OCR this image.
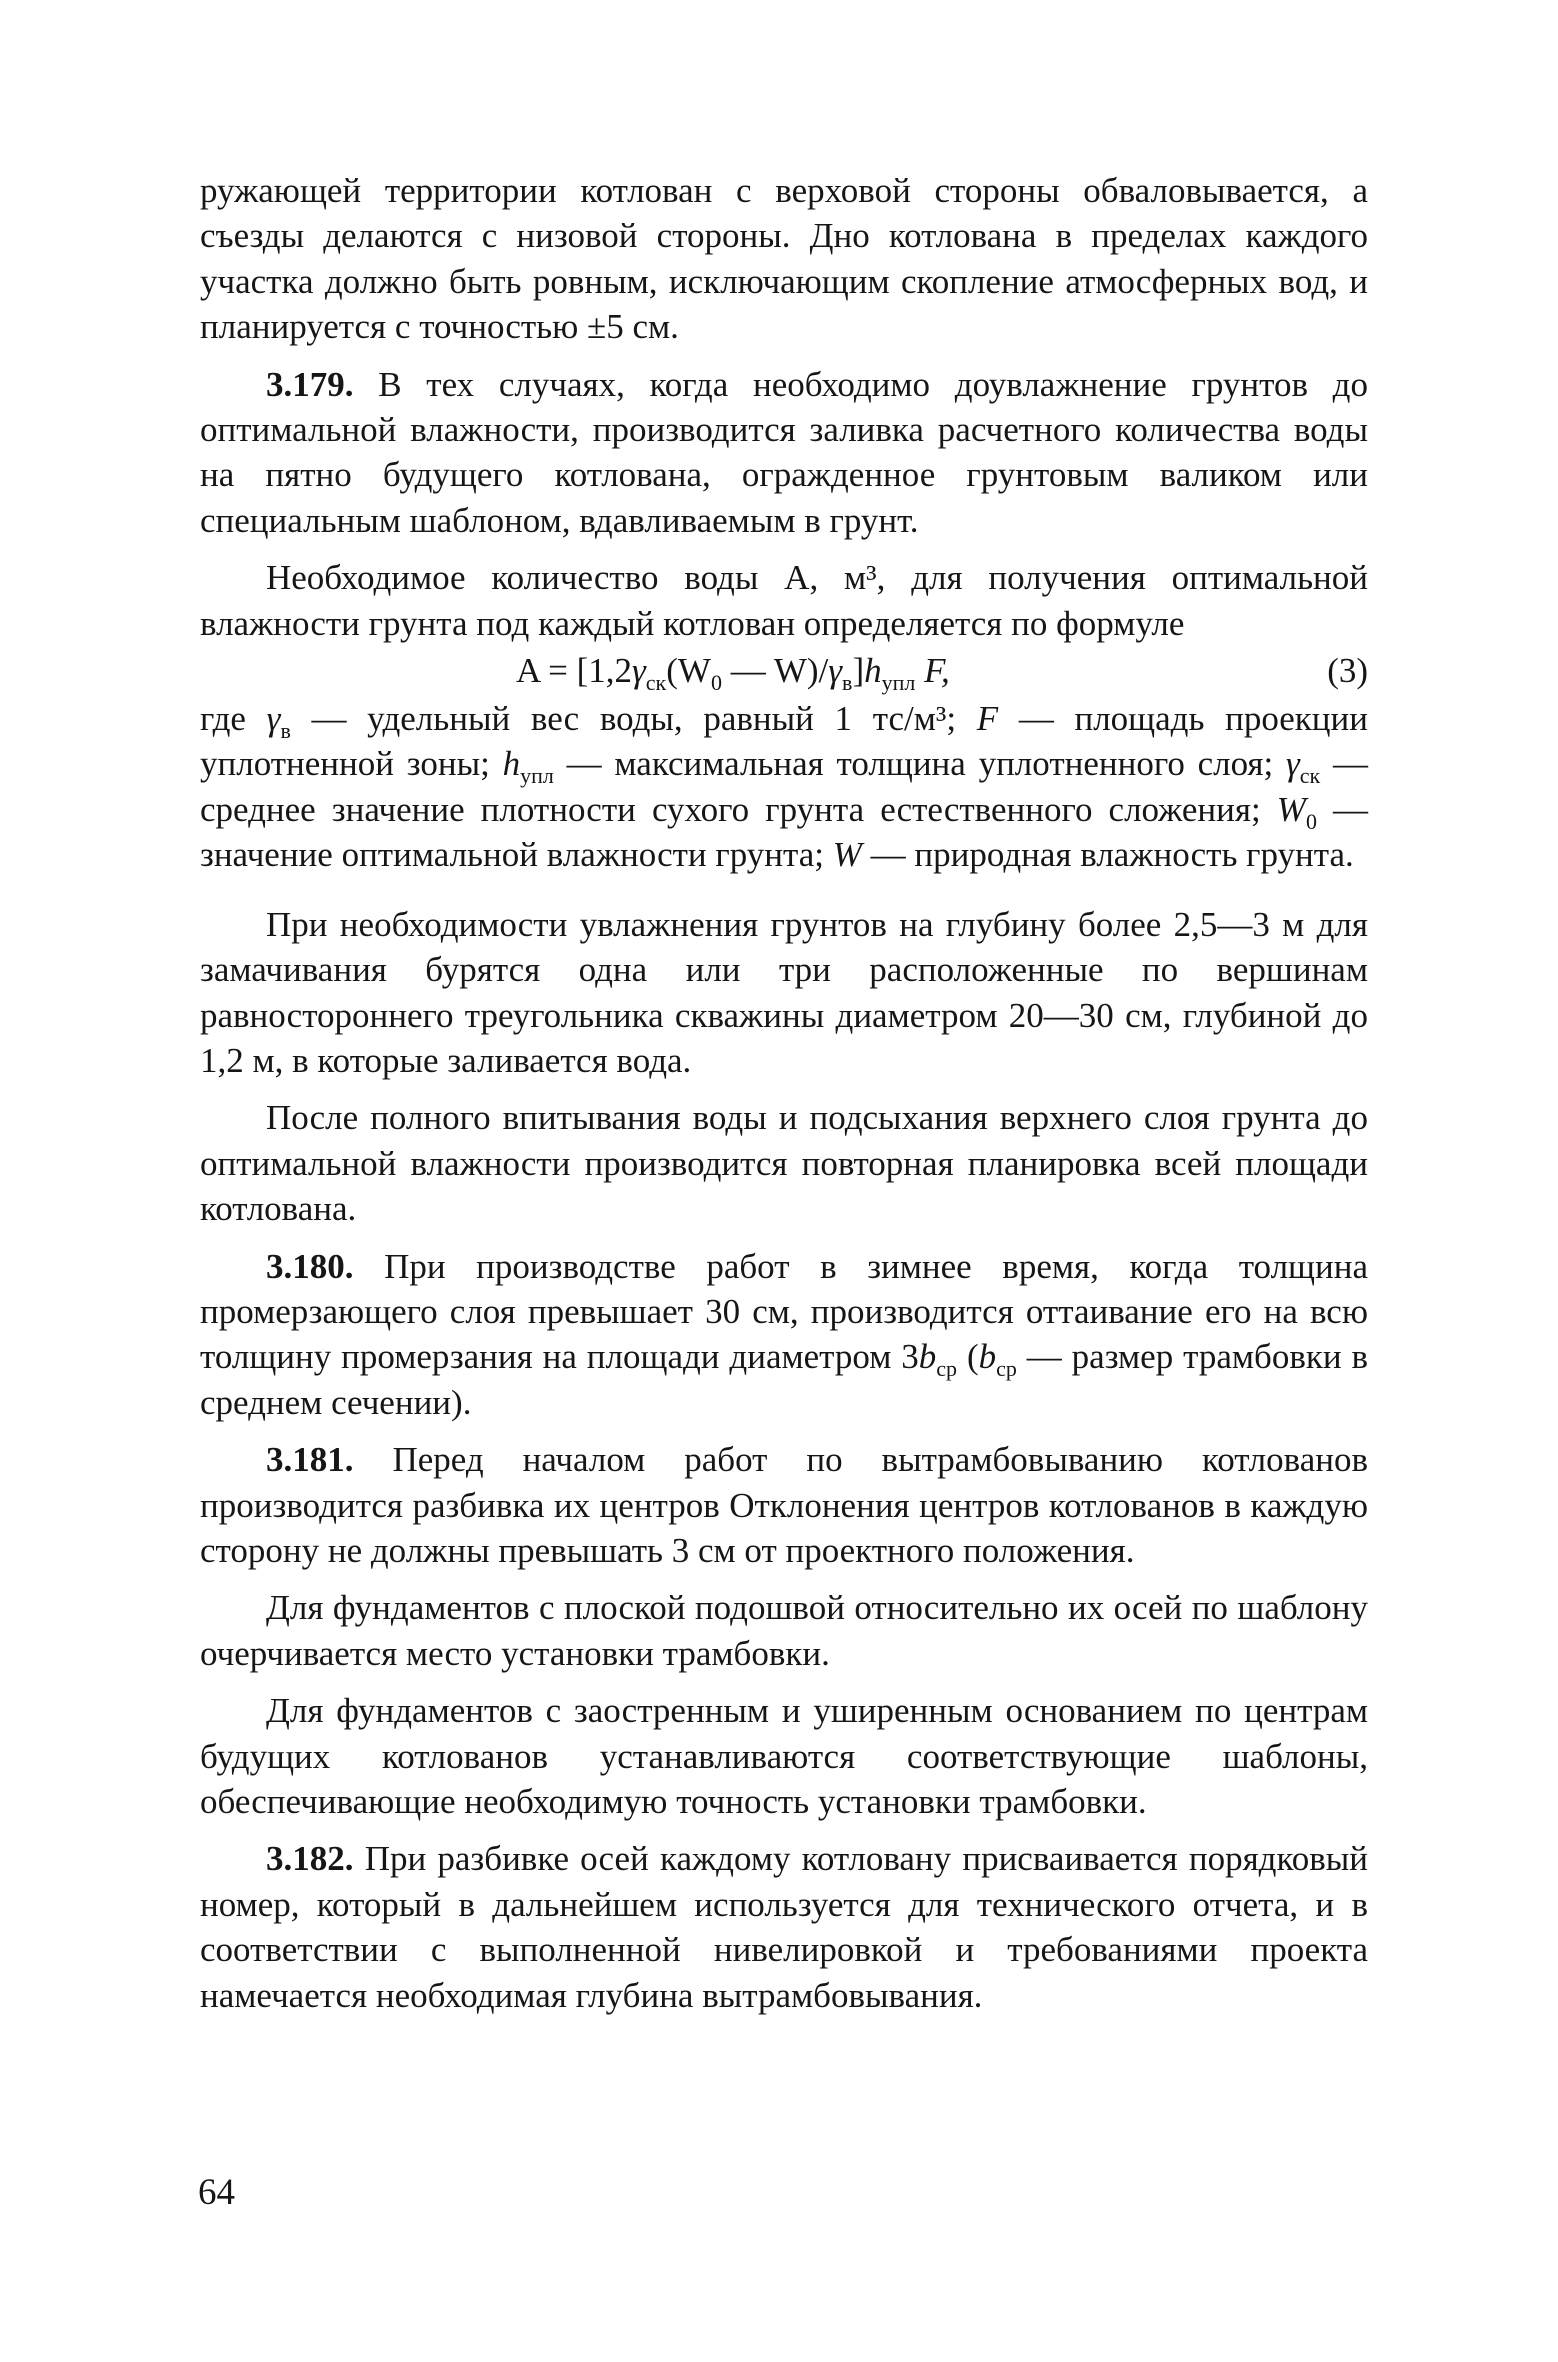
ружающей территории котлован с верховой стороны обваловывается, а съезды делаются с низовой стороны. Дно котлована в пределах каждого участка должно быть ровным, исключающим скопление атмосферных вод, и планируется с точностью ±5 см.

3.179. В тех случаях, когда необходимо доувлажнение грунтов до оптимальной влажности, производится заливка расчетного количества воды на пятно будущего котлована, огражденное грунтовым валиком или специальным шаблоном, вдавливаемым в грунт.

Необходимое количество воды А, м³, для получения оптимальной влажности грунта под каждый котлован определяется по формуле

$A = [1,2\gamma_{ск}(W_0$ — $W)/\gamma_в]h_{упл}$ F,	(3)

где $\gamma_в$ — удельный вес воды, равный 1 тс/м³; F — площадь проекции уплотненной зоны; $h_{упл}$ — максимальная толщина уплотненного слоя; $\gamma_{ск}$ — среднее значение плотности сухого грунта естественного сложения; $W_0$ — значение оптимальной влажности грунта; W — природная влажность грунта.

При необходимости увлажнения грунтов на глубину более 2,5—3 м для замачивания бурятся одна или три расположенные по вершинам равностороннего треугольника скважины диаметром 20—30 см, глубиной до 1,2 м, в которые заливается вода.

После полного впитывания воды и подсыхания верхнего слоя грунта до оптимальной влажности производится повторная планировка всей площади котлована.

3.180. При производстве работ в зимнее время, когда толщина промерзающего слоя превышает 30 см, производится оттаивание его на всю толщину промерзания на площади диаметром $3b_{ср}$ ($b_{ср}$ — размер трамбовки в среднем сечении).

3.181. Перед началом работ по вытрамбовыванию котлованов производится разбивка их центров Отклонения центров котлованов в каждую сторону не должны превышать 3 см от проектного положения.

Для фундаментов с плоской подошвой относительно их осей по шаблону очерчивается место установки трамбовки.

Для фундаментов с заостренным и уширенным основанием по центрам будущих котлованов устанавливаются соответствующие шаблоны, обеспечивающие необходимую точность установки трамбовки.

3.182. При разбивке осей каждому котловану присваивается порядковый номер, который в дальнейшем используется для технического отчета, и в соответствии с выполненной нивелировкой и требованиями проекта намечается необходимая глубина вытрамбовывания.

64
